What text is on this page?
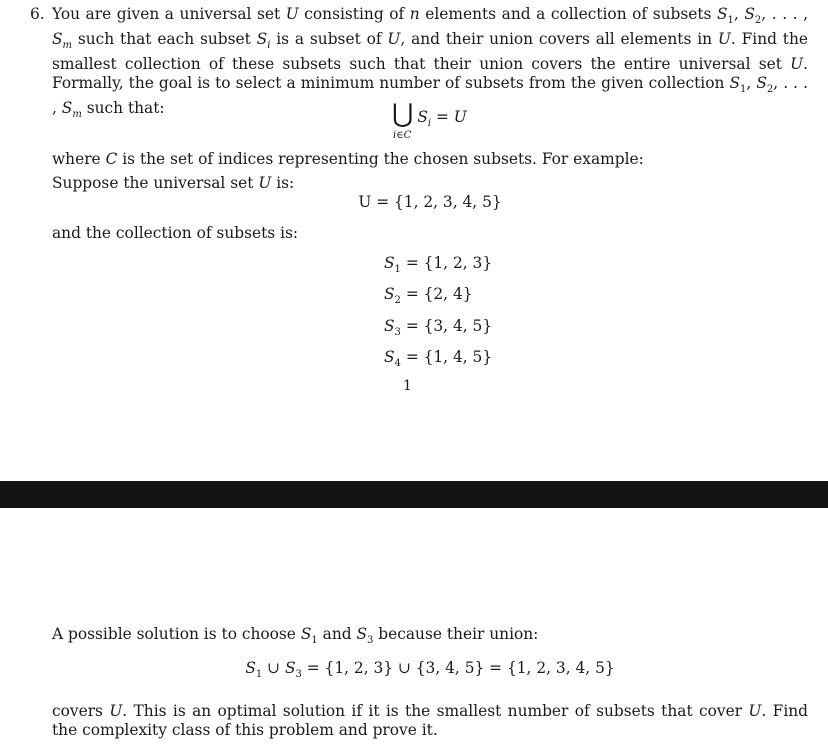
6. You are given a universal set U consisting of n elements and a collection of subsets $S_1$, $S_2$, . . . , $S_m$ such that each subset $S_i$ is a subset of U, and their union covers all elements in U. Find the smallest collection of these subsets such that their union covers the entire universal set U. Formally, the goal is to select a minimum number of subsets from the given collection $S_1$, $S_2$, . . . , $S_m$ such that:	⋃ $S_i = U$
i∈C
where C is the set of indices representing the chosen subsets. For example:
Suppose the universal set U is:
U = {1, 2, 3, 4, 5}
and the collection of subsets is:
$S_1 = \{1$, 2, 3}
$S_2 = \{2$, 4}
$S_3 = \{3$, 4, 5}
$S_4 = \{1$, 4, 5}
1
A possible solution is to choose $S_1$ and $S_3$ because their union:
$S_1$ ∪ $S_3 = \{1$, 2, 3} ∪ {3, 4, 5} = {1, 2, 3, 4, 5}
covers U. This is an optimal solution if it is the smallest number of subsets that cover U. Find the complexity class of this problem and prove it.
